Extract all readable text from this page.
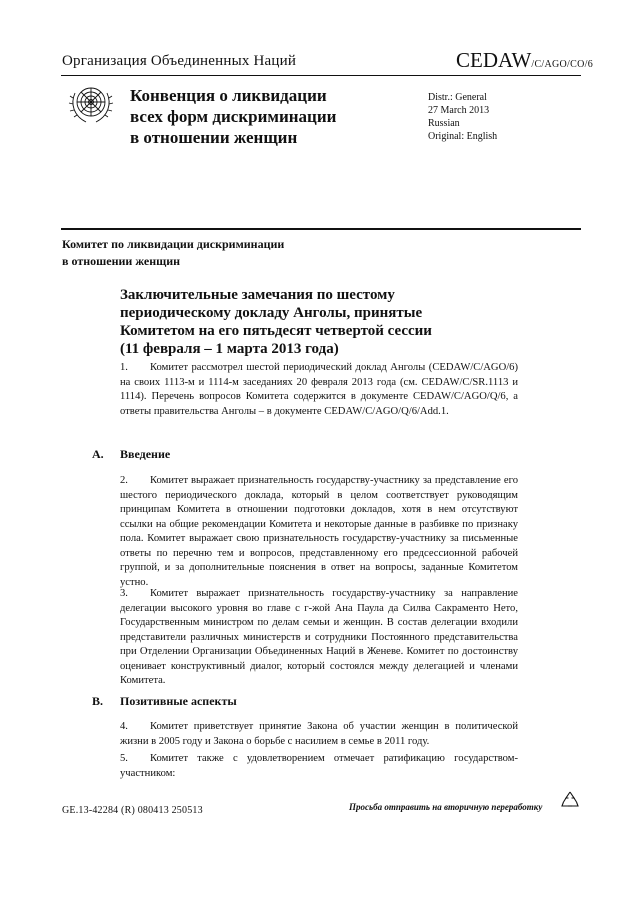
Организация Объединенных Наций	CEDAW/C/AGO/CO/6
Конвенция о ликвидации
всех форм дискриминации
в отношении женщин
Distr.: General
27 March 2013
Russian
Original: English
Комитет по ликвидации дискриминации
в отношении женщин
Заключительные замечания по шестому
периодическому докладу Анголы, принятые
Комитетом на его пятьдесят четвертой сессии
(11 февраля – 1 марта 2013 года)
1. Комитет рассмотрел шестой периодический доклад Анголы (CEDAW/C/AGO/6) на своих 1113-м и 1114-м заседаниях 20 февраля 2013 года (см. CEDAW/C/SR.1113 и 1114). Перечень вопросов Комитета содержится в документе CEDAW/C/AGO/Q/6, а ответы правительства Анголы – в документе CEDAW/C/AGO/Q/6/Add.1.
A. Введение
2. Комитет выражает признательность государству-участнику за представление его шестого периодического доклада, который в целом соответствует руководящим принципам Комитета в отношении подготовки докладов, хотя в нем отсутствуют ссылки на общие рекомендации Комитета и некоторые данные в разбивке по признаку пола. Комитет выражает свою признательность государству-участнику за письменные ответы по перечню тем и вопросов, представленному его предсессионной рабочей группой, и за дополнительные пояснения в ответ на вопросы, заданные Комитетом устно.
3. Комитет выражает признательность государству-участнику за направление делегации высокого уровня во главе с г-жой Ана Паула да Силва Сакраменто Нето, Государственным министром по делам семьи и женщин. В состав делегации входили представители различных министерств и сотрудники Постоянного представительства при Отделении Организации Объединенных Наций в Женеве. Комитет по достоинству оценивает конструктивный диалог, который состоялся между делегацией и членами Комитета.
B. Позитивные аспекты
4. Комитет приветствует принятие Закона об участии женщин в политической жизни в 2005 году и Закона о борьбе с насилием в семье в 2011 году.
5. Комитет также с удовлетворением отмечает ратификацию государством-участником:
GE.13-42284 (R) 080413 250513	Просьба отправить на вторичную переработку
